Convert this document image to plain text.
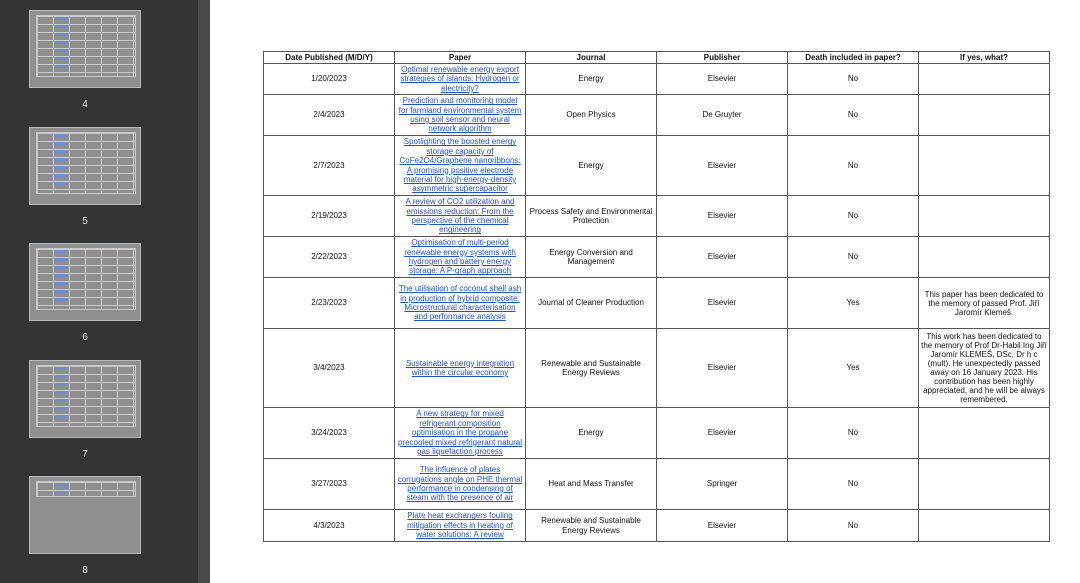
4
5
6
7
8
Date Published (M/D/Y)	Paper	Journal	Publisher	Death included in paper?	If yes, what?
1/20/2023	Optimal renewable energy export strategies of islands: Hydrogen or electricity?	Energy	Elsevier	No	
2/4/2023	Prediction and monitoring model for farmland environmental system using soil sensor and neural network algorithm	Open Physics	De Gruyter	No	
2/7/2023	Spotlighting the boosted energy storage capacity of CoFe2O4/Graphene nanoribbons: A promising positive electrode material for high-energy-density asymmetric supercapacitor	Energy	Elsevier	No	
2/19/2023	A review of CO2 utilization and emissions reduction: From the perspective of the chemical engineering	Process Safety and Environmental Protection	Elsevier	No	
2/22/2023	Optimisation of multi-period renewable energy systems with hydrogen and battery energy storage: A P-graph approach	Energy Conversion and Management	Elsevier	No	
2/23/2023	The utilisation of coconut shell ash in production of hybrid composite: Microstructural characterisation and performance analysis	Journal of Cleaner Production	Elsevier	Yes	This paper has been dedicated to the memory of passed Prof. Jiří Jaromír Klemeš.
3/4/2023	Sustainable energy integration within the circular economy	Renewable and Sustainable Energy Reviews	Elsevier	Yes	This work has been dedicated to the memory of Prof Dr-Habil Ing Jiří Jaromír KLEMEŠ, DSc, Dr h c (mult). He unexpectedly passed away on 16 January 2023. His contribution has been highly appreciated, and he will be always remembered.
3/24/2023	A new strategy for mixed refrigerant composition optimisation in the propane precooled mixed refrigerant natural gas liquefaction process	Energy	Elsevier	No	
3/27/2023	The influence of plates corrugations angle on PHE thermal performance in condensing of steam with the presence of air	Heat and Mass Transfer	Springer	No	
4/3/2023	Plate heat exchangers fouling mitigation effects in heating of water solutions: A review	Renewable and Sustainable Energy Reviews	Elsevier	No	
